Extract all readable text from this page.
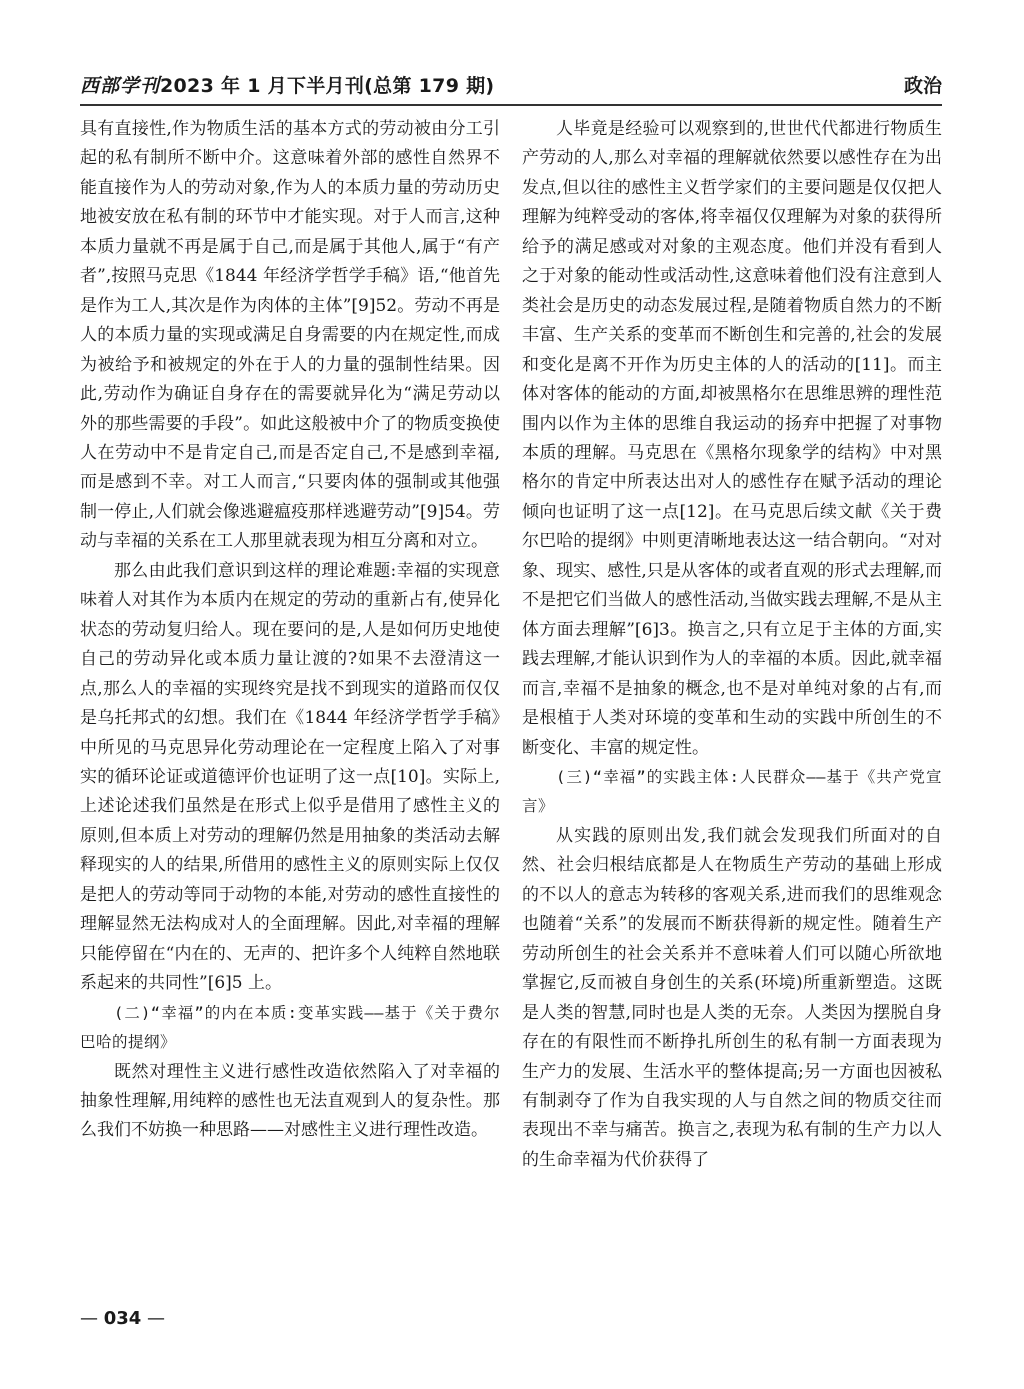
西部学刊2023 年 1 月下半月刊(总第 179 期)	政治

具有直接性,作为物质生活的基本方式的劳动被由分工引起的私有制所不断中介。这意味着外部的感性自然界不能直接作为人的劳动对象,作为人的本质力量的劳动历史地被安放在私有制的环节中才能实现。对于人而言,这种本质力量就不再是属于自己,而是属于其他人,属于“有产者”,按照马克思《1844 年经济学哲学手稿》语,“他首先是作为工人,其次是作为肉体的主体”[9]52。劳动不再是人的本质力量的实现或满足自身需要的内在规定性,而成为被给予和被规定的外在于人的力量的强制性结果。因此,劳动作为确证自身存在的需要就异化为“满足劳动以外的那些需要的手段”。如此这般被中介了的物质变换使人在劳动中不是肯定自己,而是否定自己,不是感到幸福,而是感到不幸。对工人而言,“只要肉体的强制或其他强制一停止,人们就会像逃避瘟疫那样逃避劳动”[9]54。劳动与幸福的关系在工人那里就表现为相互分离和对立。

那么由此我们意识到这样的理论难题:幸福的实现意味着人对其作为本质内在规定的劳动的重新占有,使异化状态的劳动复归给人。现在要问的是,人是如何历史地使自己的劳动异化或本质力量让渡的?如果不去澄清这一点,那么人的幸福的实现终究是找不到现实的道路而仅仅是乌托邦式的幻想。我们在《1844 年经济学哲学手稿》中所见的马克思异化劳动理论在一定程度上陷入了对事实的循环论证或道德评价也证明了这一点[10]。实际上,上述论述我们虽然是在形式上似乎是借用了感性主义的原则,但本质上对劳动的理解仍然是用抽象的类活动去解释现实的人的结果,所借用的感性主义的原则实际上仅仅是把人的劳动等同于动物的本能,对劳动的感性直接性的理解显然无法构成对人的全面理解。因此,对幸福的理解只能停留在“内在的、无声的、把许多个人纯粹自然地联系起来的共同性”[6]5 上。

(二)“幸福”的内在本质:变革实践——基于《关于费尔巴哈的提纲》

既然对理性主义进行感性改造依然陷入了对幸福的抽象性理解,用纯粹的感性也无法直观到人的复杂性。那么我们不妨换一种思路——对感性主义进行理性改造。

人毕竟是经验可以观察到的,世世代代都进行物质生产劳动的人,那么对幸福的理解就依然要以感性存在为出发点,但以往的感性主义哲学家们的主要问题是仅仅把人理解为纯粹受动的客体,将幸福仅仅理解为对象的获得所给予的满足感或对对象的主观态度。他们并没有看到人之于对象的能动性或活动性,这意味着他们没有注意到人类社会是历史的动态发展过程,是随着物质自然力的不断丰富、生产关系的变革而不断创生和完善的,社会的发展和变化是离不开作为历史主体的人的活动的[11]。而主体对客体的能动的方面,却被黑格尔在思维思辨的理性范围内以作为主体的思维自我运动的扬弃中把握了对事物本质的理解。马克思在《黑格尔现象学的结构》中对黑格尔的肯定中所表达出对人的感性存在赋予活动的理论倾向也证明了这一点[12]。在马克思后续文献《关于费尔巴哈的提纲》中则更清晰地表达这一结合朝向。“对对象、现实、感性,只是从客体的或者直观的形式去理解,而不是把它们当做人的感性活动,当做实践去理解,不是从主体方面去理解”[6]3。换言之,只有立足于主体的方面,实践去理解,才能认识到作为人的幸福的本质。因此,就幸福而言,幸福不是抽象的概念,也不是对单纯对象的占有,而是根植于人类对环境的变革和生动的实践中所创生的不断变化、丰富的规定性。

(三)“幸福”的实践主体:人民群众——基于《共产党宣言》

从实践的原则出发,我们就会发现我们所面对的自然、社会归根结底都是人在物质生产劳动的基础上形成的不以人的意志为转移的客观关系,进而我们的思维观念也随着“关系”的发展而不断获得新的规定性。随着生产劳动所创生的社会关系并不意味着人们可以随心所欲地掌握它,反而被自身创生的关系(环境)所重新塑造。这既是人类的智慧,同时也是人类的无奈。人类因为摆脱自身存在的有限性而不断挣扎所创生的私有制一方面表现为生产力的发展、生活水平的整体提高;另一方面也因被私有制剥夺了作为自我实现的人与自然之间的物质交往而表现出不幸与痛苦。换言之,表现为私有制的生产力以人的生命幸福为代价获得了

— 034 —
